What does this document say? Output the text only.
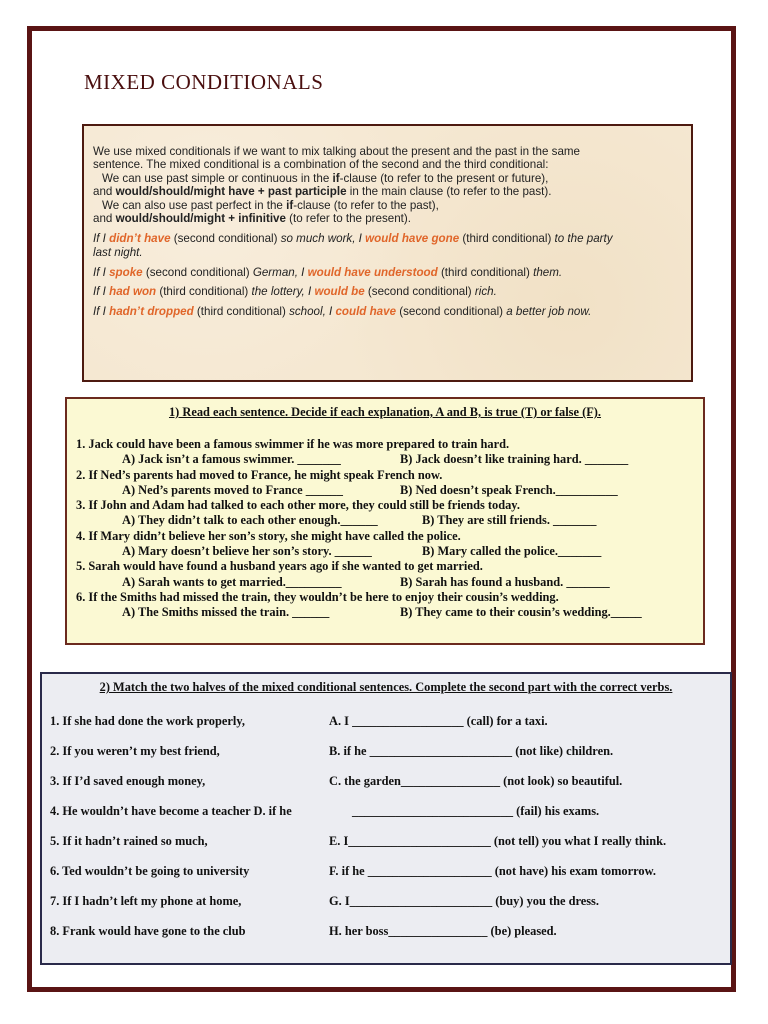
MIXED CONDITIONALS

We use mixed conditionals if we want to mix talking about the present and the past in the same

sentence. The mixed conditional is a combination of the second and the third conditional:

We can use past simple or continuous in the if-clause (to refer to the present or future),

and would/should/might have + past participle in the main clause (to refer to the past).

We can also use past perfect in the if-clause (to refer to the past),

and would/should/might + infinitive (to refer to the present).

If I didn’t have (second conditional) so much work, I would have gone (third conditional) to the party
last night.

If I spoke (second conditional) German, I would have understood (third conditional) them.

If I had won (third conditional) the lottery, I would be (second conditional) rich.

If I hadn’t dropped (third conditional) school, I could have (second conditional) a better job now.

1) Read each sentence. Decide if each explanation, A and B, is true (T) or false (F).
1. Jack could have been a famous swimmer if he was more prepared to train hard.
A) Jack isn’t a famous swimmer. _______	B) Jack doesn’t like training hard. _______
2. If Ned’s parents had moved to France, he might speak French now.
A) Ned’s parents moved to France ______	B) Ned doesn’t speak French.__________
3. If John and Adam had talked to each other more, they could still be friends today.
A) They didn’t talk to each other enough.______	B) They are still friends. _______
4. If Mary didn’t believe her son’s story, she might have called the police.
A) Mary doesn’t believe her son’s story. ______	B) Mary called the police._______
5. Sarah would have found a husband years ago if she wanted to get married.
A) Sarah wants to get married._________	B) Sarah has found a husband. _______
6. If the Smiths had missed the train, they wouldn’t be here to enjoy their cousin’s wedding.
A) The Smiths missed the train. ______	B) They came to their cousin’s wedding._____
2) Match the two halves of the mixed conditional sentences. Complete the second part with the correct verbs.
1. If she had done the work properly,	A. I __________________ (call) for a taxi.
2. If you weren’t my best friend,	B. if he _______________________ (not like) children.
3. If I’d saved enough money,	C. the garden________________ (not look) so beautiful.
4. He wouldn’t have become a teacher D. if he	__________________________ (fail) his exams.
5. If it hadn’t rained so much,	E. I_______________________ (not tell) you what I really think.
6. Ted wouldn’t be going to university	F. if he ____________________ (not have) his exam tomorrow.
7. If I hadn’t left my phone at home,	G. I_______________________ (buy) you the dress.
8. Frank would have gone to the club	H. her boss________________ (be) pleased.
